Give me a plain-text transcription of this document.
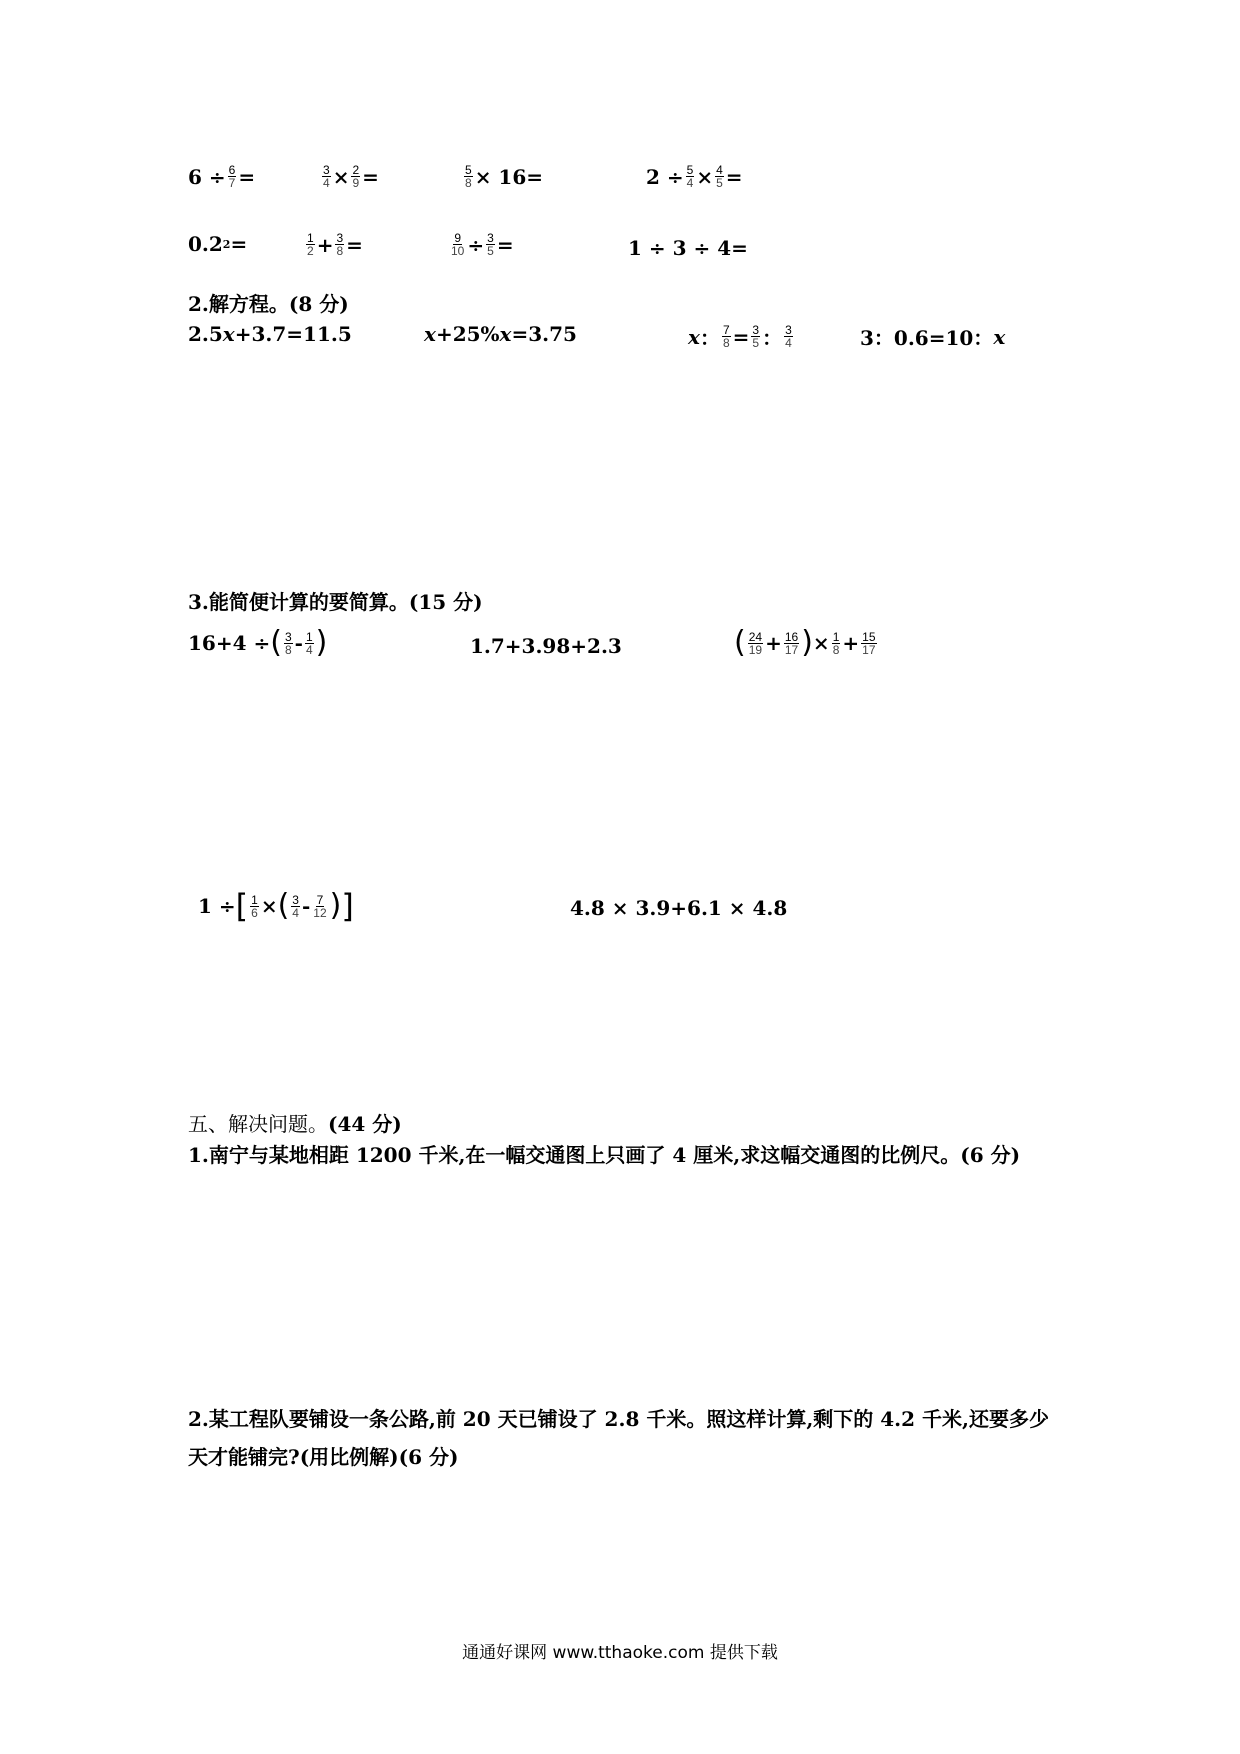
$6 \div \frac{6}{7}$ =	$\frac{3}{4} \times \frac{2}{9}$ =	$\frac{5}{8} \times 16=$	$2 \div \frac{5}{4} \times \frac{4}{5}$ =
0.2 2 =	$\frac{1}{2} + \frac{3}{8}$ =	$\frac{9}{10} \div \frac{3}{5}$ =	1 ÷ 3 ÷ 4=
2.解方程。(8 分)
2.5 x +3.7=11.5	x +25% x =3.75	x ： $\frac{7}{8} = \frac{3}{5}$ ： $\frac{3}{4}$	3：0.6=10： x
3.能简便计算的要简算。(15 分)
16+4 ÷ ( $\frac{3}{8} - \frac{1}{4}$ )	1.7+3.98+2.3	( $\frac{24}{19} + \frac{16}{17}$ ) × $\frac{1}{8} + \frac{15}{17}$
1 ÷ [ $\frac{1}{6}$ × ( $\frac{3}{4} - \frac{7}{12}$ ) ]	4.8 × 3.9+6.1 × 4.8
五、解决问题。(44 分)
1.南宁与某地相距 1200 千米,在一幅交通图上只画了 4 厘米,求这幅交通图的比例尺。(6 分)
2.某工程队要铺设一条公路,前 20 天已铺设了 2.8 千米。照这样计算,剩下的 4.2 千米,还要多少天才能铺完?(用比例解)(6 分)
通通好课网 www.tthaoke.com 提供下载
